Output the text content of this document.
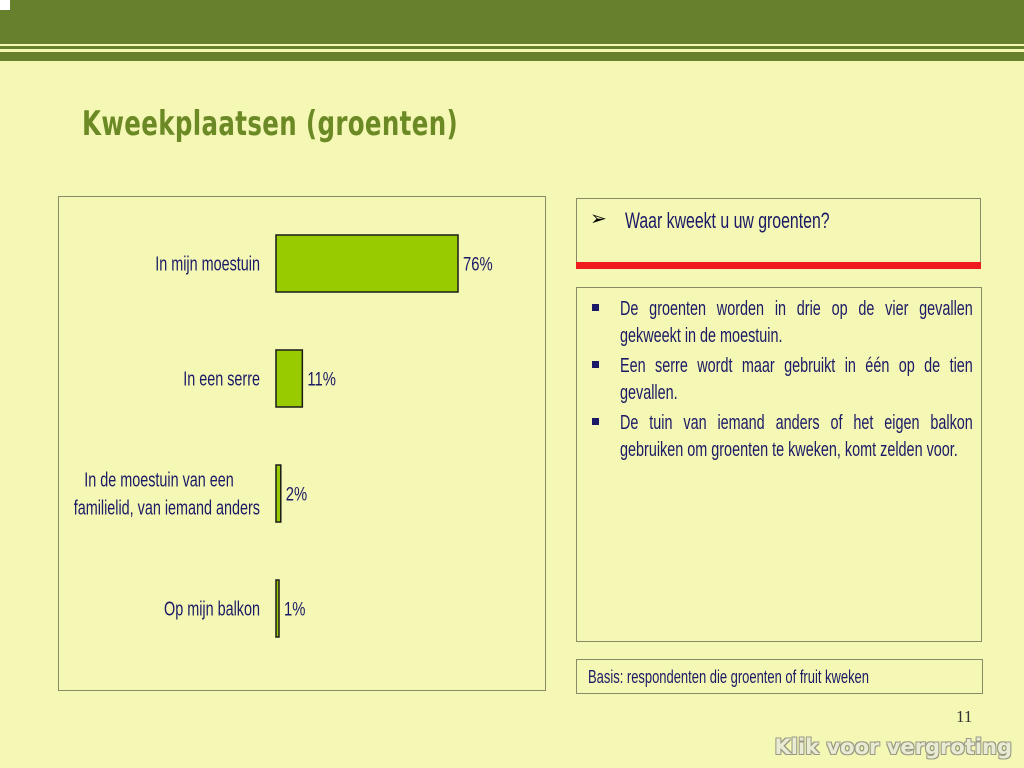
Kweekplaatsen (groenten)
76%
In mijn moestuin
11%
In een serre
2%
In de moestuin van een
familielid, van iemand anders
1%
Op mijn balkon
➢ Waar kweekt u uw groenten?
De groenten worden in drie op de vier gevallen gekweekt in de moestuin.
Een serre wordt maar gebruikt in één op de tien gevallen.
De tuin van iemand anders of het eigen balkon gebruiken om groenten te kweken, komt zelden voor.
Basis: respondenten die groenten of fruit kweken
11
Klik voor vergroting
